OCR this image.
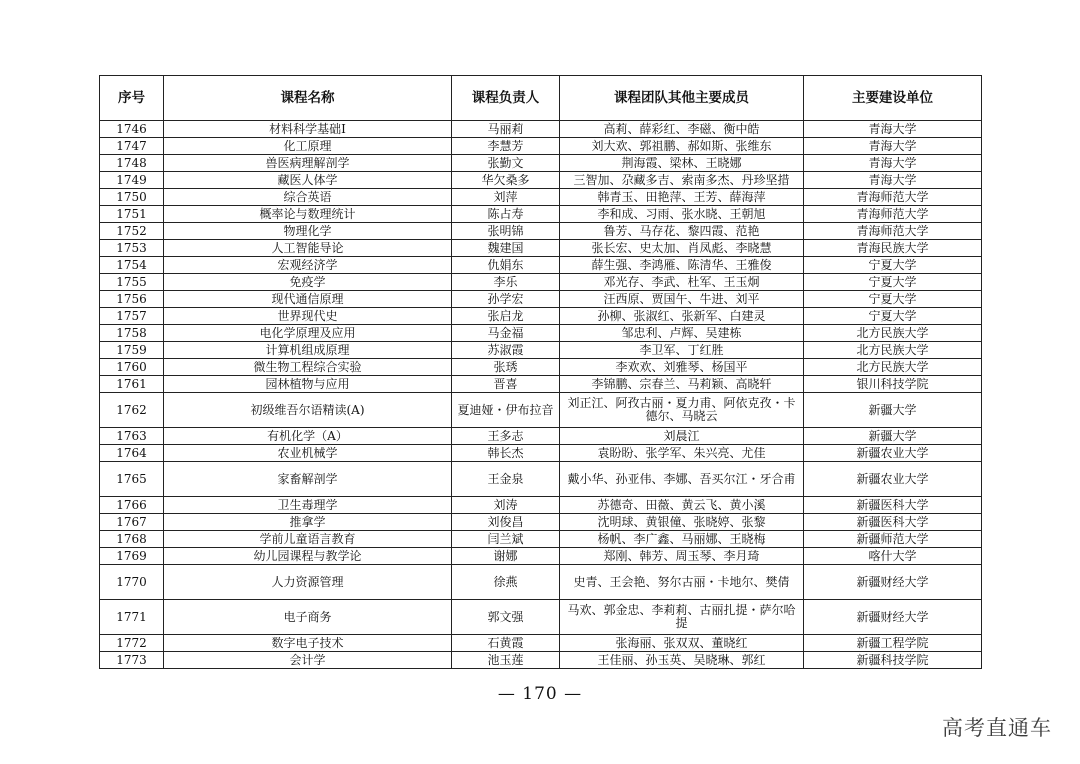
序号	课程名称	课程负责人	课程团队其他主要成员	主要建设单位
1746	材料科学基础I	马丽莉	高莉、薛彩红、李磁、衡中皓	青海大学
1747	化工原理	李慧芳	刘大欢、郭祖鹏、郝如斯、张维东	青海大学
1748	兽医病理解剖学	张勤文	荆海霞、梁林、王晓娜	青海大学
1749	藏医人体学	华欠桑多	三智加、尕藏多吉、索南多杰、丹珍坚措	青海大学
1750	综合英语	刘萍	韩青玉、田艳萍、王芳、薛海萍	青海师范大学
1751	概率论与数理统计	陈占寿	李和成、习雨、张水晓、王朝旭	青海师范大学
1752	物理化学	张明锦	鲁芳、马存花、黎四霞、范艳	青海师范大学
1753	人工智能导论	魏建国	张长宏、史太加、肖凤彪、李晓慧	青海民族大学
1754	宏观经济学	仇娟东	薛生强、李鸿雁、陈清华、王雅俊	宁夏大学
1755	免疫学	李乐	邓光存、李武、杜军、王玉炯	宁夏大学
1756	现代通信原理	孙学宏	汪西原、贾国午、牛进、刘平	宁夏大学
1757	世界现代史	张启龙	孙柳、张淑红、张新军、白建灵	宁夏大学
1758	电化学原理及应用	马金福	邹忠利、卢辉、吴建栋	北方民族大学
1759	计算机组成原理	苏淑霞	李卫军、丁红胜	北方民族大学
1760	微生物工程综合实验	张琇	李欢欢、刘雅琴、杨国平	北方民族大学
1761	园林植物与应用	晋喜	李锦鹏、宗春兰、马莉颖、高晓轩	银川科技学院
1762	初级维吾尔语精读(A)	夏迪娅・伊布拉音	刘正江、阿孜古丽・夏力甫、阿依克孜・卡德尔、马晓云	新疆大学
1763	有机化学（A）	王多志	刘晨江	新疆大学
1764	农业机械学	韩长杰	袁盼盼、张学军、朱兴亮、尤佳	新疆农业大学
1765	家畜解剖学	王金泉	戴小华、孙亚伟、李娜、吾买尔江・牙合甫	新疆农业大学
1766	卫生毒理学	刘涛	苏德奇、田薇、黄云飞、黄小溪	新疆医科大学
1767	推拿学	刘俊昌	沈明球、黄银僮、张晓婷、张黎	新疆医科大学
1768	学前儿童语言教育	闫兰斌	杨帆、李广鑫、马丽娜、王晓梅	新疆师范大学
1769	幼儿园课程与教学论	谢娜	郑刚、韩芳、周玉琴、李月琦	喀什大学
1770	人力资源管理	徐燕	史青、王会艳、努尔古丽・卡地尔、樊倩	新疆财经大学
1771	电子商务	郭文强	马欢、郭金忠、李莉莉、古丽扎提・萨尔哈提	新疆财经大学
1772	数字电子技术	石黄霞	张海丽、张双双、董晓红	新疆工程学院
1773	会计学	池玉莲	王佳丽、孙玉英、吴晓琳、郭红	新疆科技学院
— 170 —
高考直通车
